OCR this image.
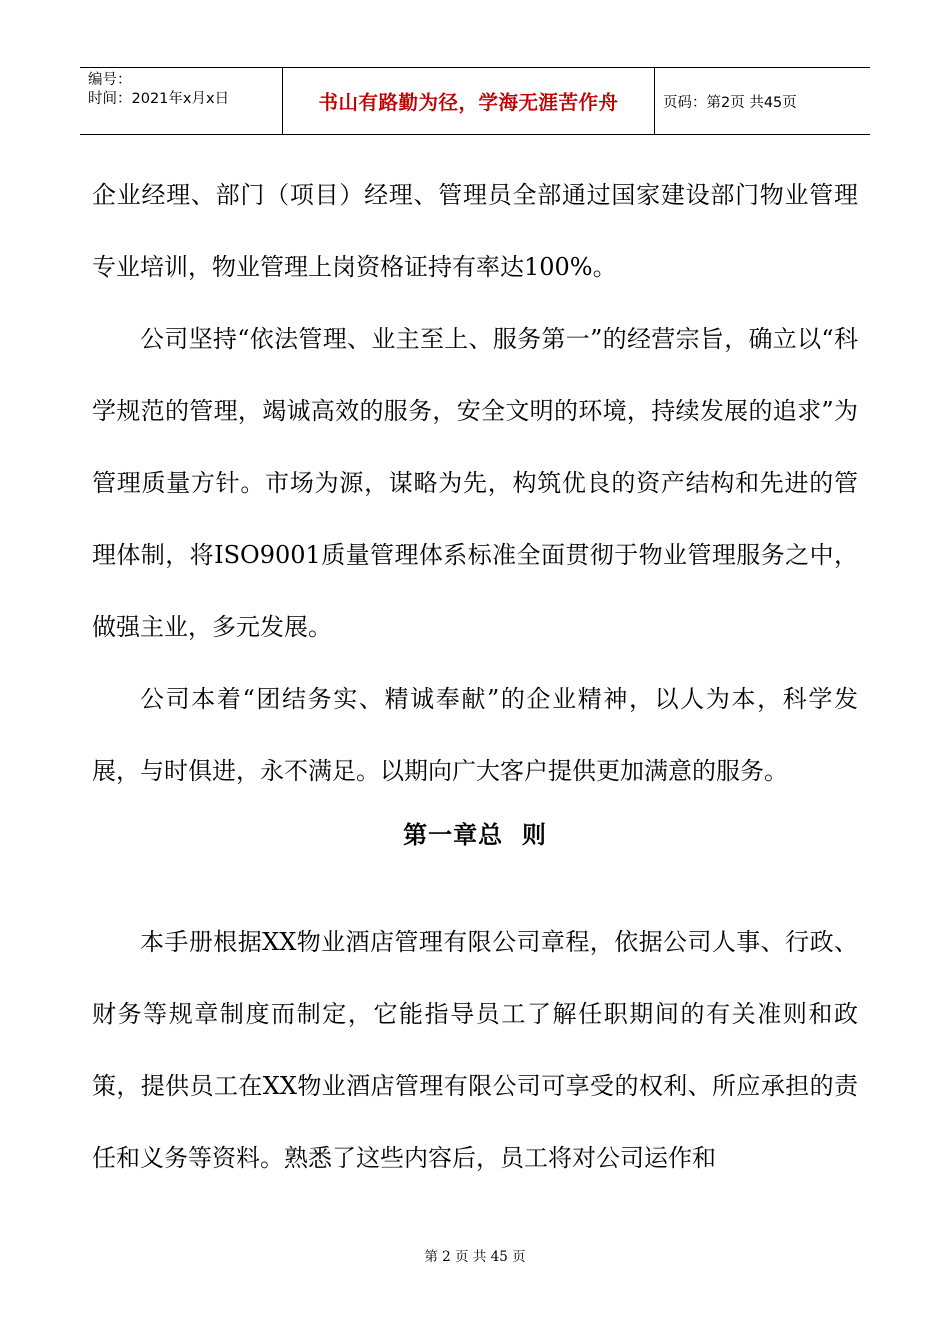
编号：
时间：2021年x月x日	书山有路勤为径，学海无涯苦作舟	页码：第2页 共45页

企业经理、部门（项目）经理、管理员全部通过国家建设部门物业管理专业培训，物业管理上岗资格证持有率达100%。

公司坚持“依法管理、业主至上、服务第一”的经营宗旨，确立以“科学规范的管理，竭诚高效的服务，安全文明的环境，持续发展的追求”为管理质量方针。市场为源，谋略为先，构筑优良的资产结构和先进的管理体制，将ISO9001质量管理体系标准全面贯彻于物业管理服务之中，做强主业，多元发展。

公司本着“团结务实、精诚奉献”的企业精神，以人为本，科学发展，与时俱进，永不满足。以期向广大客户提供更加满意的服务。

第一章总  则

本手册根据XX物业酒店管理有限公司章程，依据公司人事、行政、财务等规章制度而制定，它能指导员工了解任职期间的有关准则和政策，提供员工在XX物业酒店管理有限公司可享受的权利、所应承担的责任和义务等资料。熟悉了这些内容后，员工将对公司运作和

第 2 页 共 45 页
